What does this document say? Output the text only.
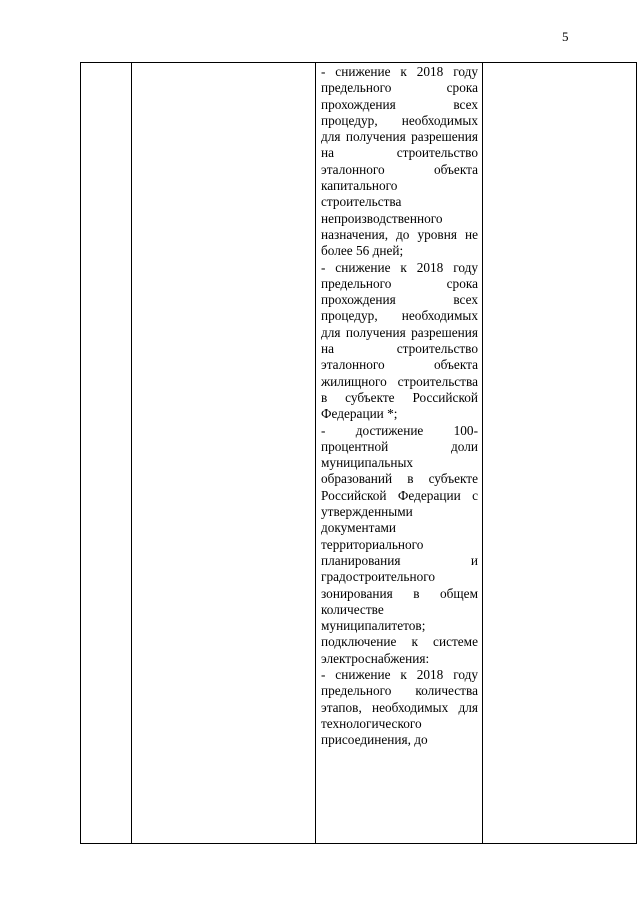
5

- снижение к 2018 году предельного срока прохождения всех процедур, необходимых для получения разрешения на строительство эталонного объекта капитального строительства непроизводственного назначения, до уровня не более 56 дней;

- снижение к 2018 году предельного срока прохождения всех процедур, необходимых для получения разрешения на строительство эталонного объекта жилищного строительства в субъекте Российской Федерации *;

- достижение 100-процентной доли муниципальных образований в субъекте Российской Федерации с утвержденными документами территориального планирования и градостроительного зонирования в общем количестве муниципалитетов;

подключение к системе электроснабжения:

- снижение к 2018 году предельного количества этапов, необходимых для технологического присоединения, до
